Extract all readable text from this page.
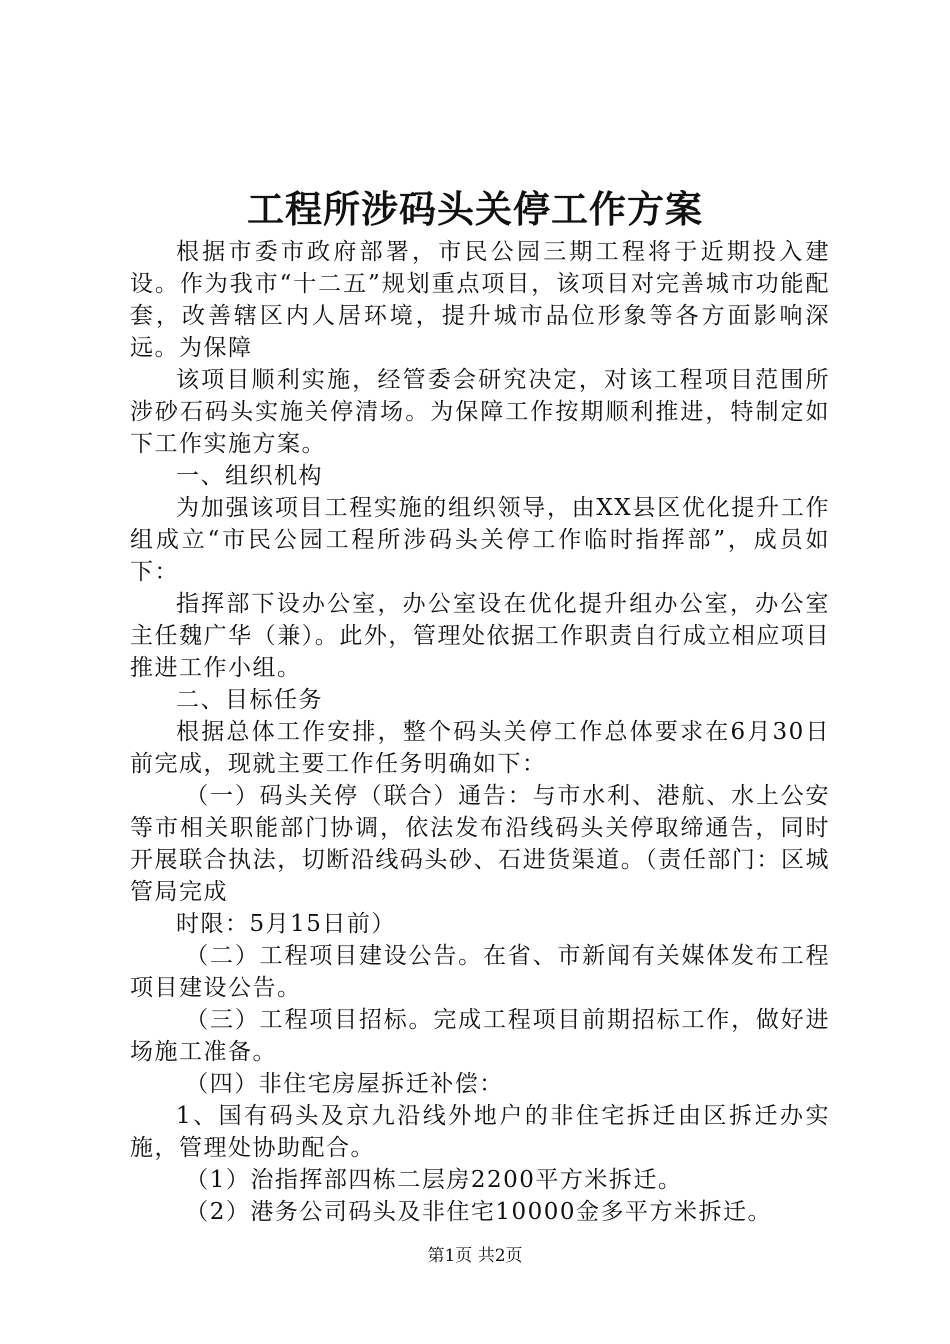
工程所涉码头关停工作方案

根据市委市政府部署，市民公园三期工程将于近期投入建设。作为我市“十二五”规划重点项目，该项目对完善城市功能配套，改善辖区内人居环境，提升城市品位形象等各方面影响深远。为保障

该项目顺利实施，经管委会研究决定，对该工程项目范围所涉砂石码头实施关停清场。为保障工作按期顺利推进，特制定如下工作实施方案。

一、组织机构

为加强该项目工程实施的组织领导，由XX县区优化提升工作组成立“市民公园工程所涉码头关停工作临时指挥部”，成员如下：

指挥部下设办公室，办公室设在优化提升组办公室，办公室主任魏广华（兼）。此外，管理处依据工作职责自行成立相应项目推进工作小组。

二、目标任务

根据总体工作安排，整个码头关停工作总体要求在6月30日前完成，现就主要工作任务明确如下：

（一）码头关停（联合）通告：与市水利、港航、水上公安等市相关职能部门协调，依法发布沿线码头关停取缔通告，同时开展联合执法，切断沿线码头砂、石进货渠道。（责任部门：区城管局完成

时限：5月15日前）

（二）工程项目建设公告。在省、市新闻有关媒体发布工程项目建设公告。

（三）工程项目招标。完成工程项目前期招标工作，做好进场施工准备。

（四）非住宅房屋拆迁补偿：

1、国有码头及京九沿线外地户的非住宅拆迁由区拆迁办实施，管理处协助配合。

（1）治指挥部四栋二层房2200平方米拆迁。

（2）港务公司码头及非住宅10000金多平方米拆迁。

第1页 共2页
